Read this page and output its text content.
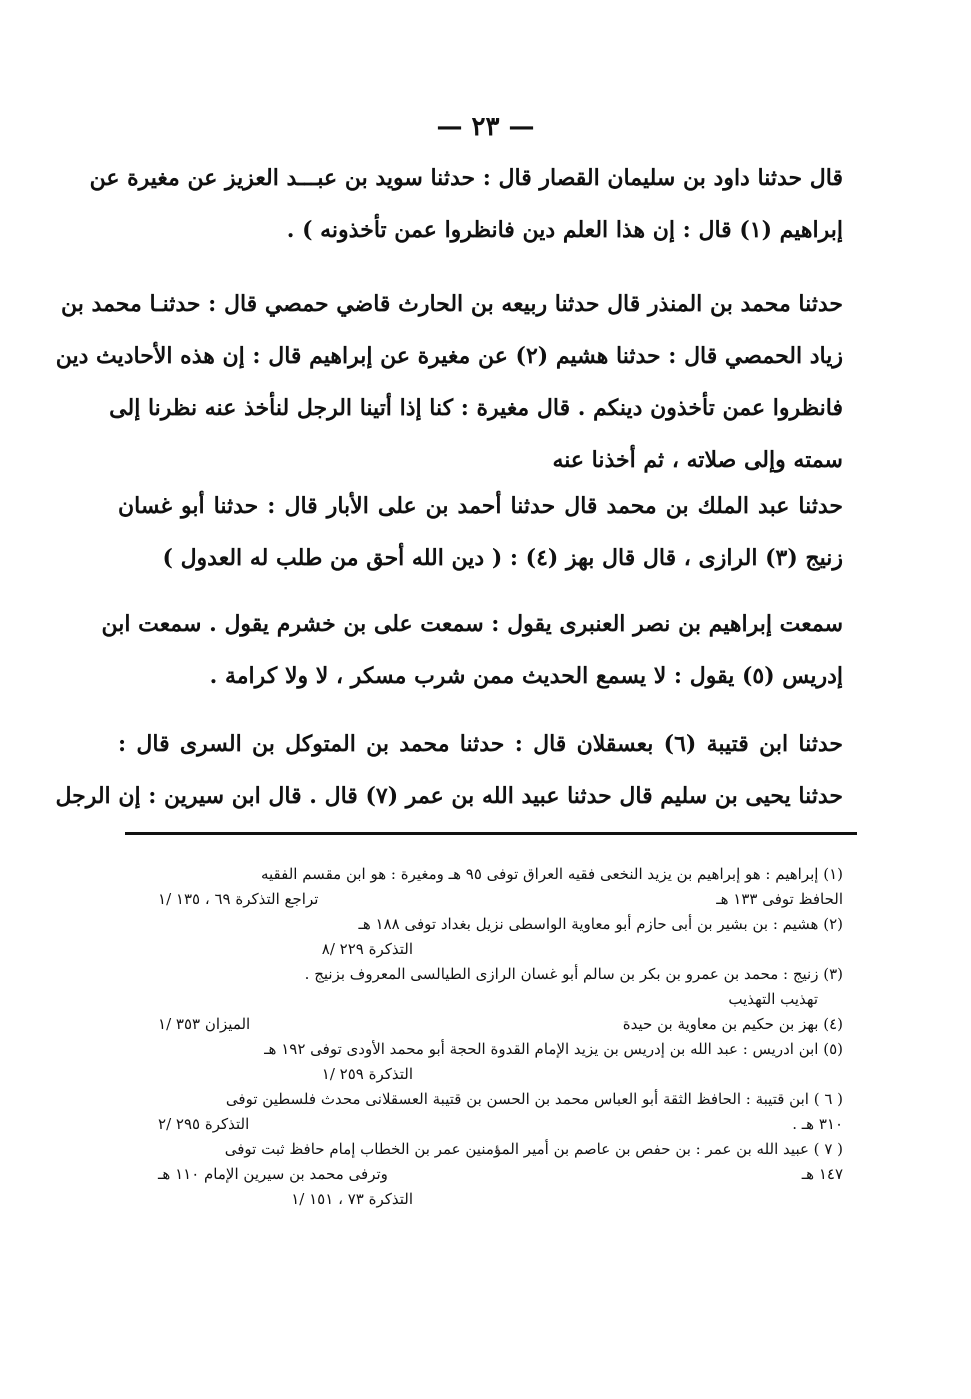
— ٢٣ —
قال حدثنا داود بن سليمان القصار قال : حدثنا سويد بن عبـــد العزيز عن مغيرة عن
إبراهيم (١) قال : إن هذا العلم دين فانظروا عمن تأخذونه ) .
حدثنا محمد بن المنذر قال حدثنا ربيعه بن الحارث قاضي حمصي قال : حدثنـا محمد بن
زياد الحمصي قال : حدثنا هشيم (٢) عن مغيرة عن إبراهيم قال : إن هذه الأحاديث دين
فانظروا عمن تأخذون دينكم . قال مغيرة : كنا إذا أتينا الرجل لنأخذ عنه نظرنا إلى
سمته وإلى صلاته ، ثم أخذنا عنه
حدثنا عبد الملك بن محمد قال حدثنا أحمد بن على الأبار قال : حدثنا أبو غسان
زنيج (٣) الرازى ، قال قال بهز (٤) : ( دين الله أحق من طلب له العدول )
سمعت إبراهيم بن نصر العنبرى يقول : سمعت على بن خشرم يقول . سمعت ابن
إدريس (٥) يقول : لا يسمع الحديث ممن شرب مسكر ، لا ولا كرامة .
حدثنا ابن قتيبة (٦) بعسقلان قال : حدثنا محمد بن المتوكل بن السرى قال :
حدثنا يحيى بن سليم قال حدثنا عبيد الله بن عمر (٧) قال . قال ابن سيرين : إن الرجل
(١) إبراهيم : هو إبراهيم بن يزيد النخعى فقيه العراق توفى ٩٥ هـ ومغيرة : هو ابن مقسم الفقيه
الحافظ توفى ١٣٣ هـ
تراجع التذكرة ٦٩ ، ١٣٥ /١
(٢) هشيم : بن بشير بن أبى حازم أبو معاوية الواسطى نزيل بغداد توفى ١٨٨ هـ
التذكرة ٢٢٩ /٨
(٣) زنيج : محمد بن عمرو بن بكر بن سالم أبو غسان الرازى الطيالسى المعروف بزنيج .
تهذيب التهذيب
(٤) بهز بن حكيم بن معاوية بن حيدة
الميزان ٣٥٣ /١
(٥) ابن ادريس : عبد الله بن إدريس بن يزيد الإمام القدوة الحجة أبو محمد الأودى توفى ١٩٢ هـ
التذكرة ٢٥٩ /١
( ٦ ) ابن قتيبة : الحافظ الثقة أبو العباس محمد بن الحسن بن قتيبة العسقلانى محدث فلسطين توفى
٣١٠ هـ .
التذكرة ٢٩٥ /٢
( ٧ ) عبيد الله بن عمر : بن حفص بن عاصم بن أمير المؤمنين عمر بن الخطاب إمام حافظ ثبت توفى
١٤٧ هـ
وترفى محمد بن سيرين الإمام ١١٠ هـ
التذكرة ٧٣ ، ١٥١ /١
